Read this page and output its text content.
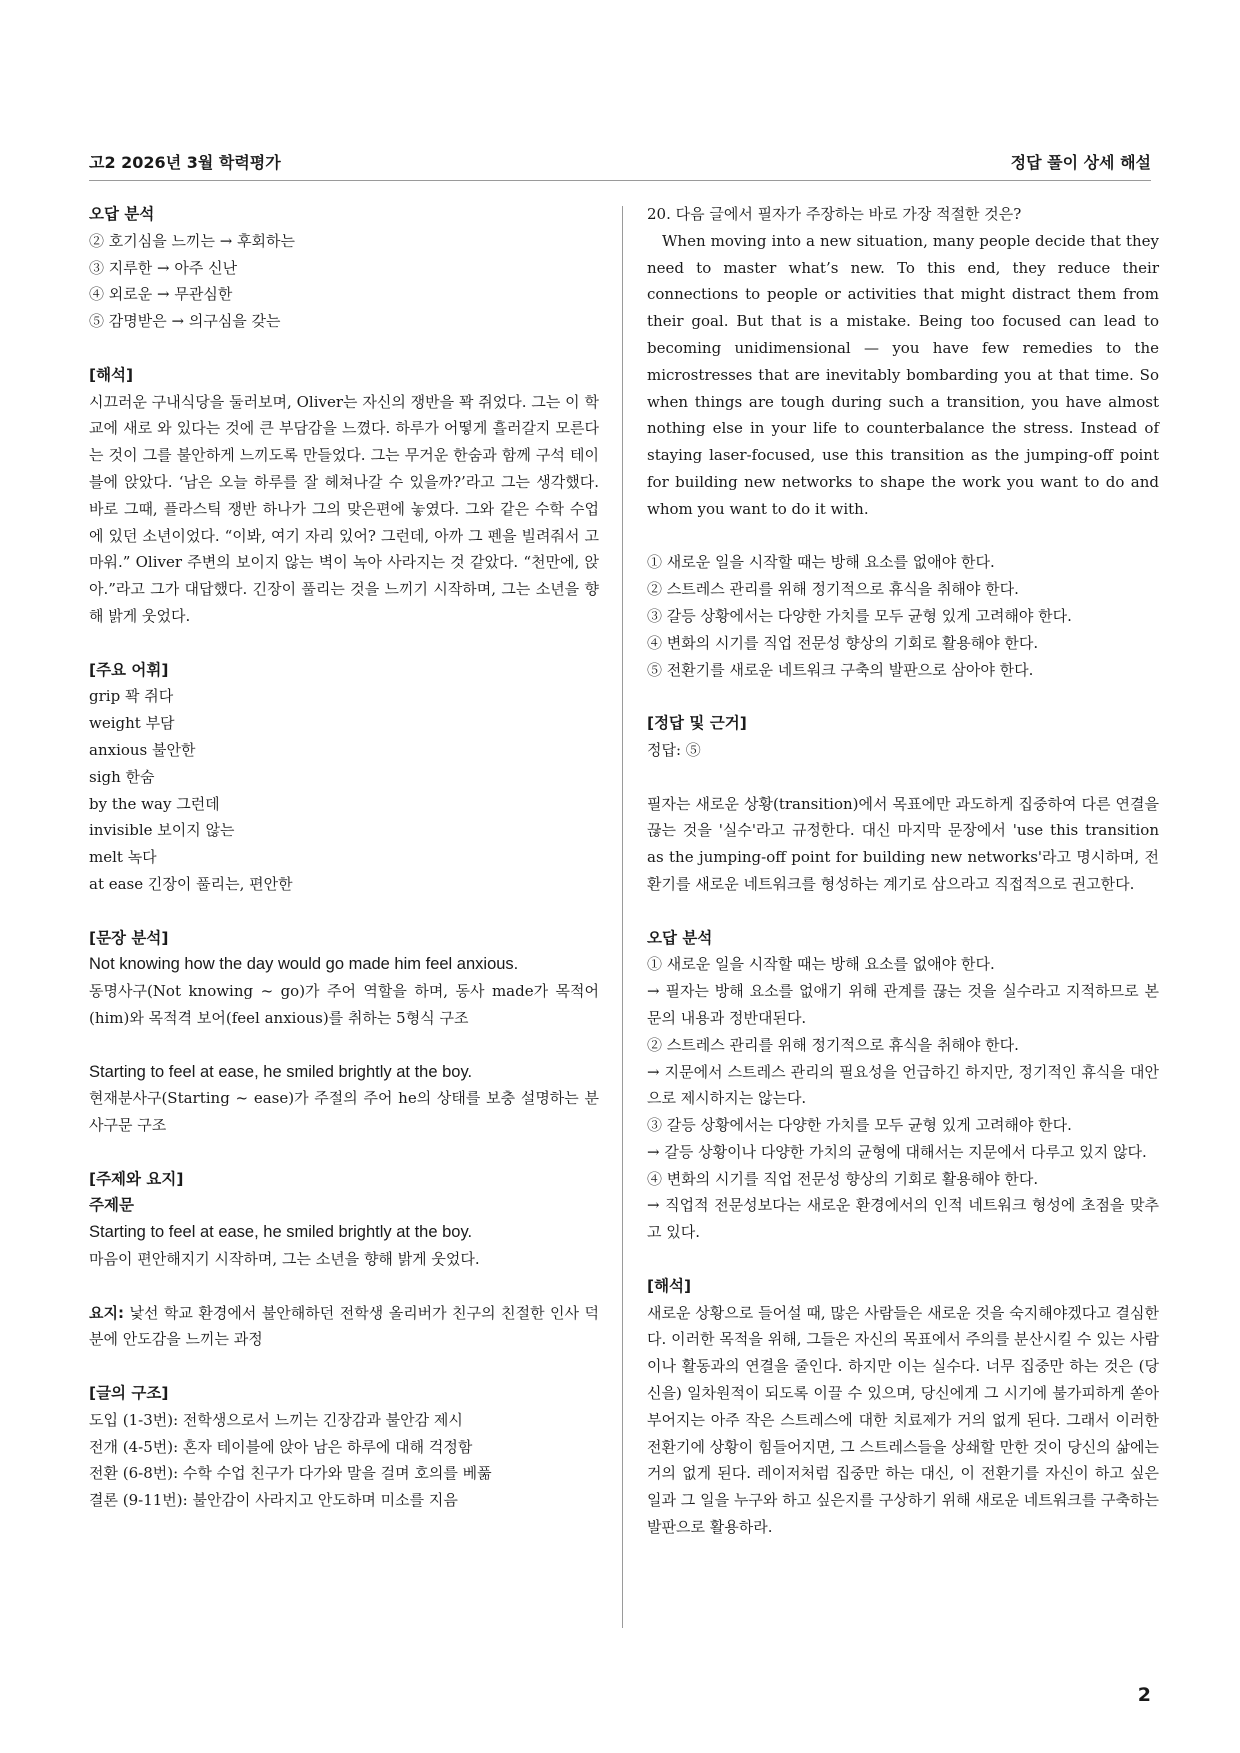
고2 2026년 3월 학력평가	정답 풀이 상세 해설
오답 분석
② 호기심을 느끼는 → 후회하는
③ 지루한 → 아주 신난
④ 외로운 → 무관심한
⑤ 감명받은 → 의구심을 갖는
[해석]
시끄러운 구내식당을 둘러보며, Oliver는 자신의 쟁반을 꽉 쥐었다. 그는 이 학교에 새로 와 있다는 것에 큰 부담감을 느꼈다. 하루가 어떻게 흘러갈지 모른다는 것이 그를 불안하게 느끼도록 만들었다. 그는 무거운 한숨과 함께 구석 테이블에 앉았다. ‘남은 오늘 하루를 잘 헤쳐나갈 수 있을까?’라고 그는 생각했다. 바로 그때, 플라스틱 쟁반 하나가 그의 맞은편에 놓였다. 그와 같은 수학 수업에 있던 소년이었다. “이봐, 여기 자리 있어? 그런데, 아까 그 펜을 빌려줘서 고마워.” Oliver 주변의 보이지 않는 벽이 녹아 사라지는 것 같았다. “천만에, 앉아.”라고 그가 대답했다. 긴장이 풀리는 것을 느끼기 시작하며, 그는 소년을 향해 밝게 웃었다.
[주요 어휘]
grip 꽉 쥐다
weight 부담
anxious 불안한
sigh 한숨
by the way 그런데
invisible 보이지 않는
melt 녹다
at ease 긴장이 풀리는, 편안한
[문장 분석]
Not knowing how the day would go made him feel anxious.
동명사구(Not knowing ~ go)가 주어 역할을 하며, 동사 made가 목적어(him)와 목적격 보어(feel anxious)를 취하는 5형식 구조
Starting to feel at ease, he smiled brightly at the boy.
현재분사구(Starting ~ ease)가 주절의 주어 he의 상태를 보충 설명하는 분사구문 구조
[주제와 요지]
주제문
Starting to feel at ease, he smiled brightly at the boy.
마음이 편안해지기 시작하며, 그는 소년을 향해 밝게 웃었다.
요지: 낯선 학교 환경에서 불안해하던 전학생 올리버가 친구의 친절한 인사 덕분에 안도감을 느끼는 과정
[글의 구조]
도입 (1-3번): 전학생으로서 느끼는 긴장감과 불안감 제시
전개 (4-5번): 혼자 테이블에 앉아 남은 하루에 대해 걱정함
전환 (6-8번): 수학 수업 친구가 다가와 말을 걸며 호의를 베풂
결론 (9-11번): 불안감이 사라지고 안도하며 미소를 지음
20. 다음 글에서 필자가 주장하는 바로 가장 적절한 것은?
When moving into a new situation, many people decide that they need to master what’s new. To this end, they reduce their connections to people or activities that might distract them from their goal. But that is a mistake. Being too focused can lead to becoming unidimensional — you have few remedies to the microstresses that are inevitably bombarding you at that time. So when things are tough during such a transition, you have almost nothing else in your life to counterbalance the stress. Instead of staying laser-focused, use this transition as the jumping-off point for building new networks to shape the work you want to do and whom you want to do it with.
① 새로운 일을 시작할 때는 방해 요소를 없애야 한다.
② 스트레스 관리를 위해 정기적으로 휴식을 취해야 한다.
③ 갈등 상황에서는 다양한 가치를 모두 균형 있게 고려해야 한다.
④ 변화의 시기를 직업 전문성 향상의 기회로 활용해야 한다.
⑤ 전환기를 새로운 네트워크 구축의 발판으로 삼아야 한다.
[정답 및 근거]
정답: ⑤
필자는 새로운 상황(transition)에서 목표에만 과도하게 집중하여 다른 연결을 끊는 것을 '실수'라고 규정한다. 대신 마지막 문장에서 'use this transition as the jumping-off point for building new networks'라고 명시하며, 전환기를 새로운 네트워크를 형성하는 계기로 삼으라고 직접적으로 권고한다.
오답 분석
① 새로운 일을 시작할 때는 방해 요소를 없애야 한다.
→ 필자는 방해 요소를 없애기 위해 관계를 끊는 것을 실수라고 지적하므로 본문의 내용과 정반대된다.
② 스트레스 관리를 위해 정기적으로 휴식을 취해야 한다.
→ 지문에서 스트레스 관리의 필요성을 언급하긴 하지만, 정기적인 휴식을 대안으로 제시하지는 않는다.
③ 갈등 상황에서는 다양한 가치를 모두 균형 있게 고려해야 한다.
→ 갈등 상황이나 다양한 가치의 균형에 대해서는 지문에서 다루고 있지 않다.
④ 변화의 시기를 직업 전문성 향상의 기회로 활용해야 한다.
→ 직업적 전문성보다는 새로운 환경에서의 인적 네트워크 형성에 초점을 맞추고 있다.
[해석]
새로운 상황으로 들어설 때, 많은 사람들은 새로운 것을 숙지해야겠다고 결심한다. 이러한 목적을 위해, 그들은 자신의 목표에서 주의를 분산시킬 수 있는 사람이나 활동과의 연결을 줄인다. 하지만 이는 실수다. 너무 집중만 하는 것은 (당신을) 일차원적이 되도록 이끌 수 있으며, 당신에게 그 시기에 불가피하게 쏟아부어지는 아주 작은 스트레스에 대한 치료제가 거의 없게 된다. 그래서 이러한 전환기에 상황이 힘들어지면, 그 스트레스들을 상쇄할 만한 것이 당신의 삶에는 거의 없게 된다. 레이저처럼 집중만 하는 대신, 이 전환기를 자신이 하고 싶은 일과 그 일을 누구와 하고 싶은지를 구상하기 위해 새로운 네트워크를 구축하는 발판으로 활용하라.
2
